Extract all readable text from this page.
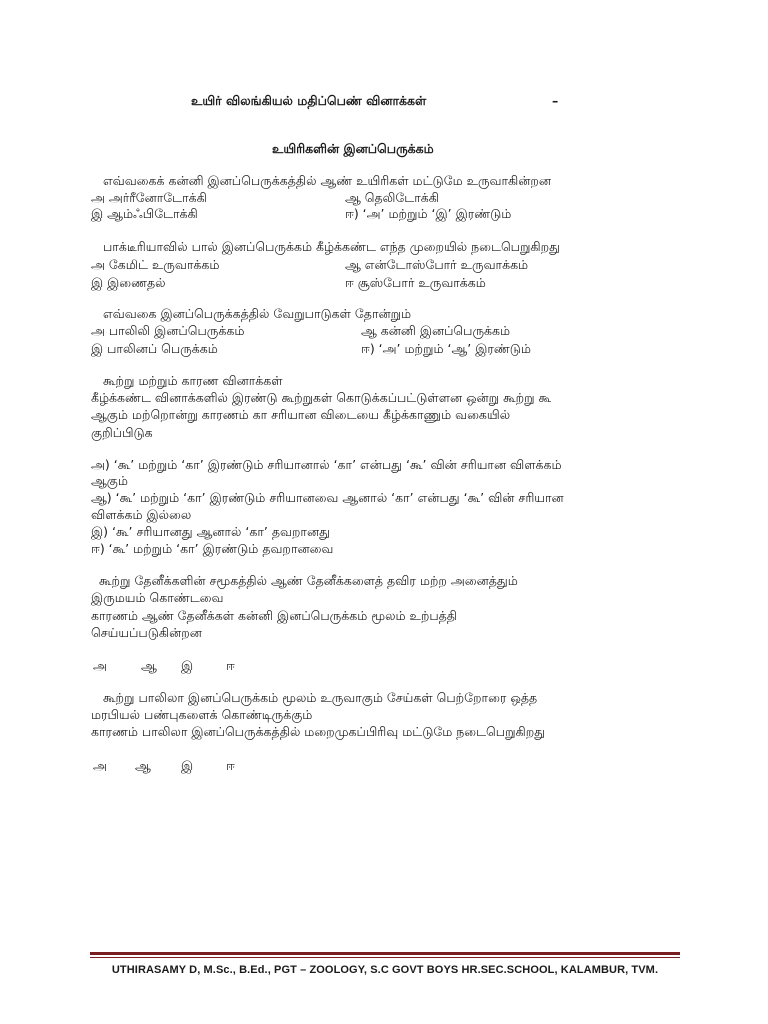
உயிர் விலங்கியல் மதிப்பெண் வினாக்கள்	–
உயிரிகளின் இனப்பெருக்கம்
எவ்வகைக் கன்னி இனப்பெருக்கத்தில் ஆண் உயிரிகள் மட்டுமே உருவாகின்றன
அ அர்ரீனோடோக்கி	ஆ தெலிடோக்கி
இ ஆம்ஃபிடோக்கி	ஈ) ‘அ’ மற்றும் ‘இ’ இரண்டும்
பாக்டீரியாவில் பால் இனப்பெருக்கம் கீழ்க்கண்ட எந்த முறையில் நடைபெறுகிறது
அ கேமிட் உருவாக்கம்	ஆ என்டோஸ்போர் உருவாக்கம்
இ இணைதல்	ஈ சூஸ்போர் உருவாக்கம்
எவ்வகை இனப்பெருக்கத்தில் வேறுபாடுகள் தோன்றும்
அ பாலிலி இனப்பெருக்கம்	ஆ கன்னி இனப்பெருக்கம்
இ பாலினப் பெருக்கம்	ஈ) ‘அ’ மற்றும் ‘ஆ’ இரண்டும்
கூற்று மற்றும் காரண வினாக்கள்
கீழ்க்கண்ட வினாக்களில் இரண்டு கூற்றுகள் கொடுக்கப்பட்டுள்ளன ஒன்று கூற்று கூ
ஆகும் மற்றொன்று காரணம் கா சரியான விடையை கீழ்க்காணும் வகையில்
குறிப்பிடுக
அ) ‘கூ’ மற்றும் ‘கா’ இரண்டும் சரியானால் ‘கா’ என்பது ‘கூ’ வின் சரியான விளக்கம்
ஆகும்
ஆ) ‘கூ’ மற்றும் ‘கா’ இரண்டும் சரியானவை ஆனால் ‘கா’ என்பது ‘கூ’ வின் சரியான
விளக்கம் இல்லை
இ) ‘கூ’ சரியானது ஆனால் ‘கா’ தவறானது
ஈ) ‘கூ’ மற்றும் ‘கா’ இரண்டும் தவறானவை
கூற்று தேனீக்களின் சமூகத்தில் ஆண் தேனீக்களைத் தவிர மற்ற அனைத்தும்
இருமயம் கொண்டவை
காரணம் ஆண் தேனீக்கள் கன்னி இனப்பெருக்கம் மூலம் உற்பத்தி
செய்யப்படுகின்றன
அ	ஆ இ	ஈ
கூற்று பாலிலா இனப்பெருக்கம் மூலம் உருவாகும் சேய்கள் பெற்றோரை ஒத்த
மரபியல் பண்புகளைக் கொண்டிருக்கும்
காரணம் பாலிலா இனப்பெருக்கத்தில் மறைமுகப்பிரிவு மட்டுமே நடைபெறுகிறது
அ ஆ இ	ஈ
UTHIRASAMY D, M.Sc., B.Ed., PGT – ZOOLOGY, S.C GOVT BOYS HR.SEC.SCHOOL, KALAMBUR, TVM.
